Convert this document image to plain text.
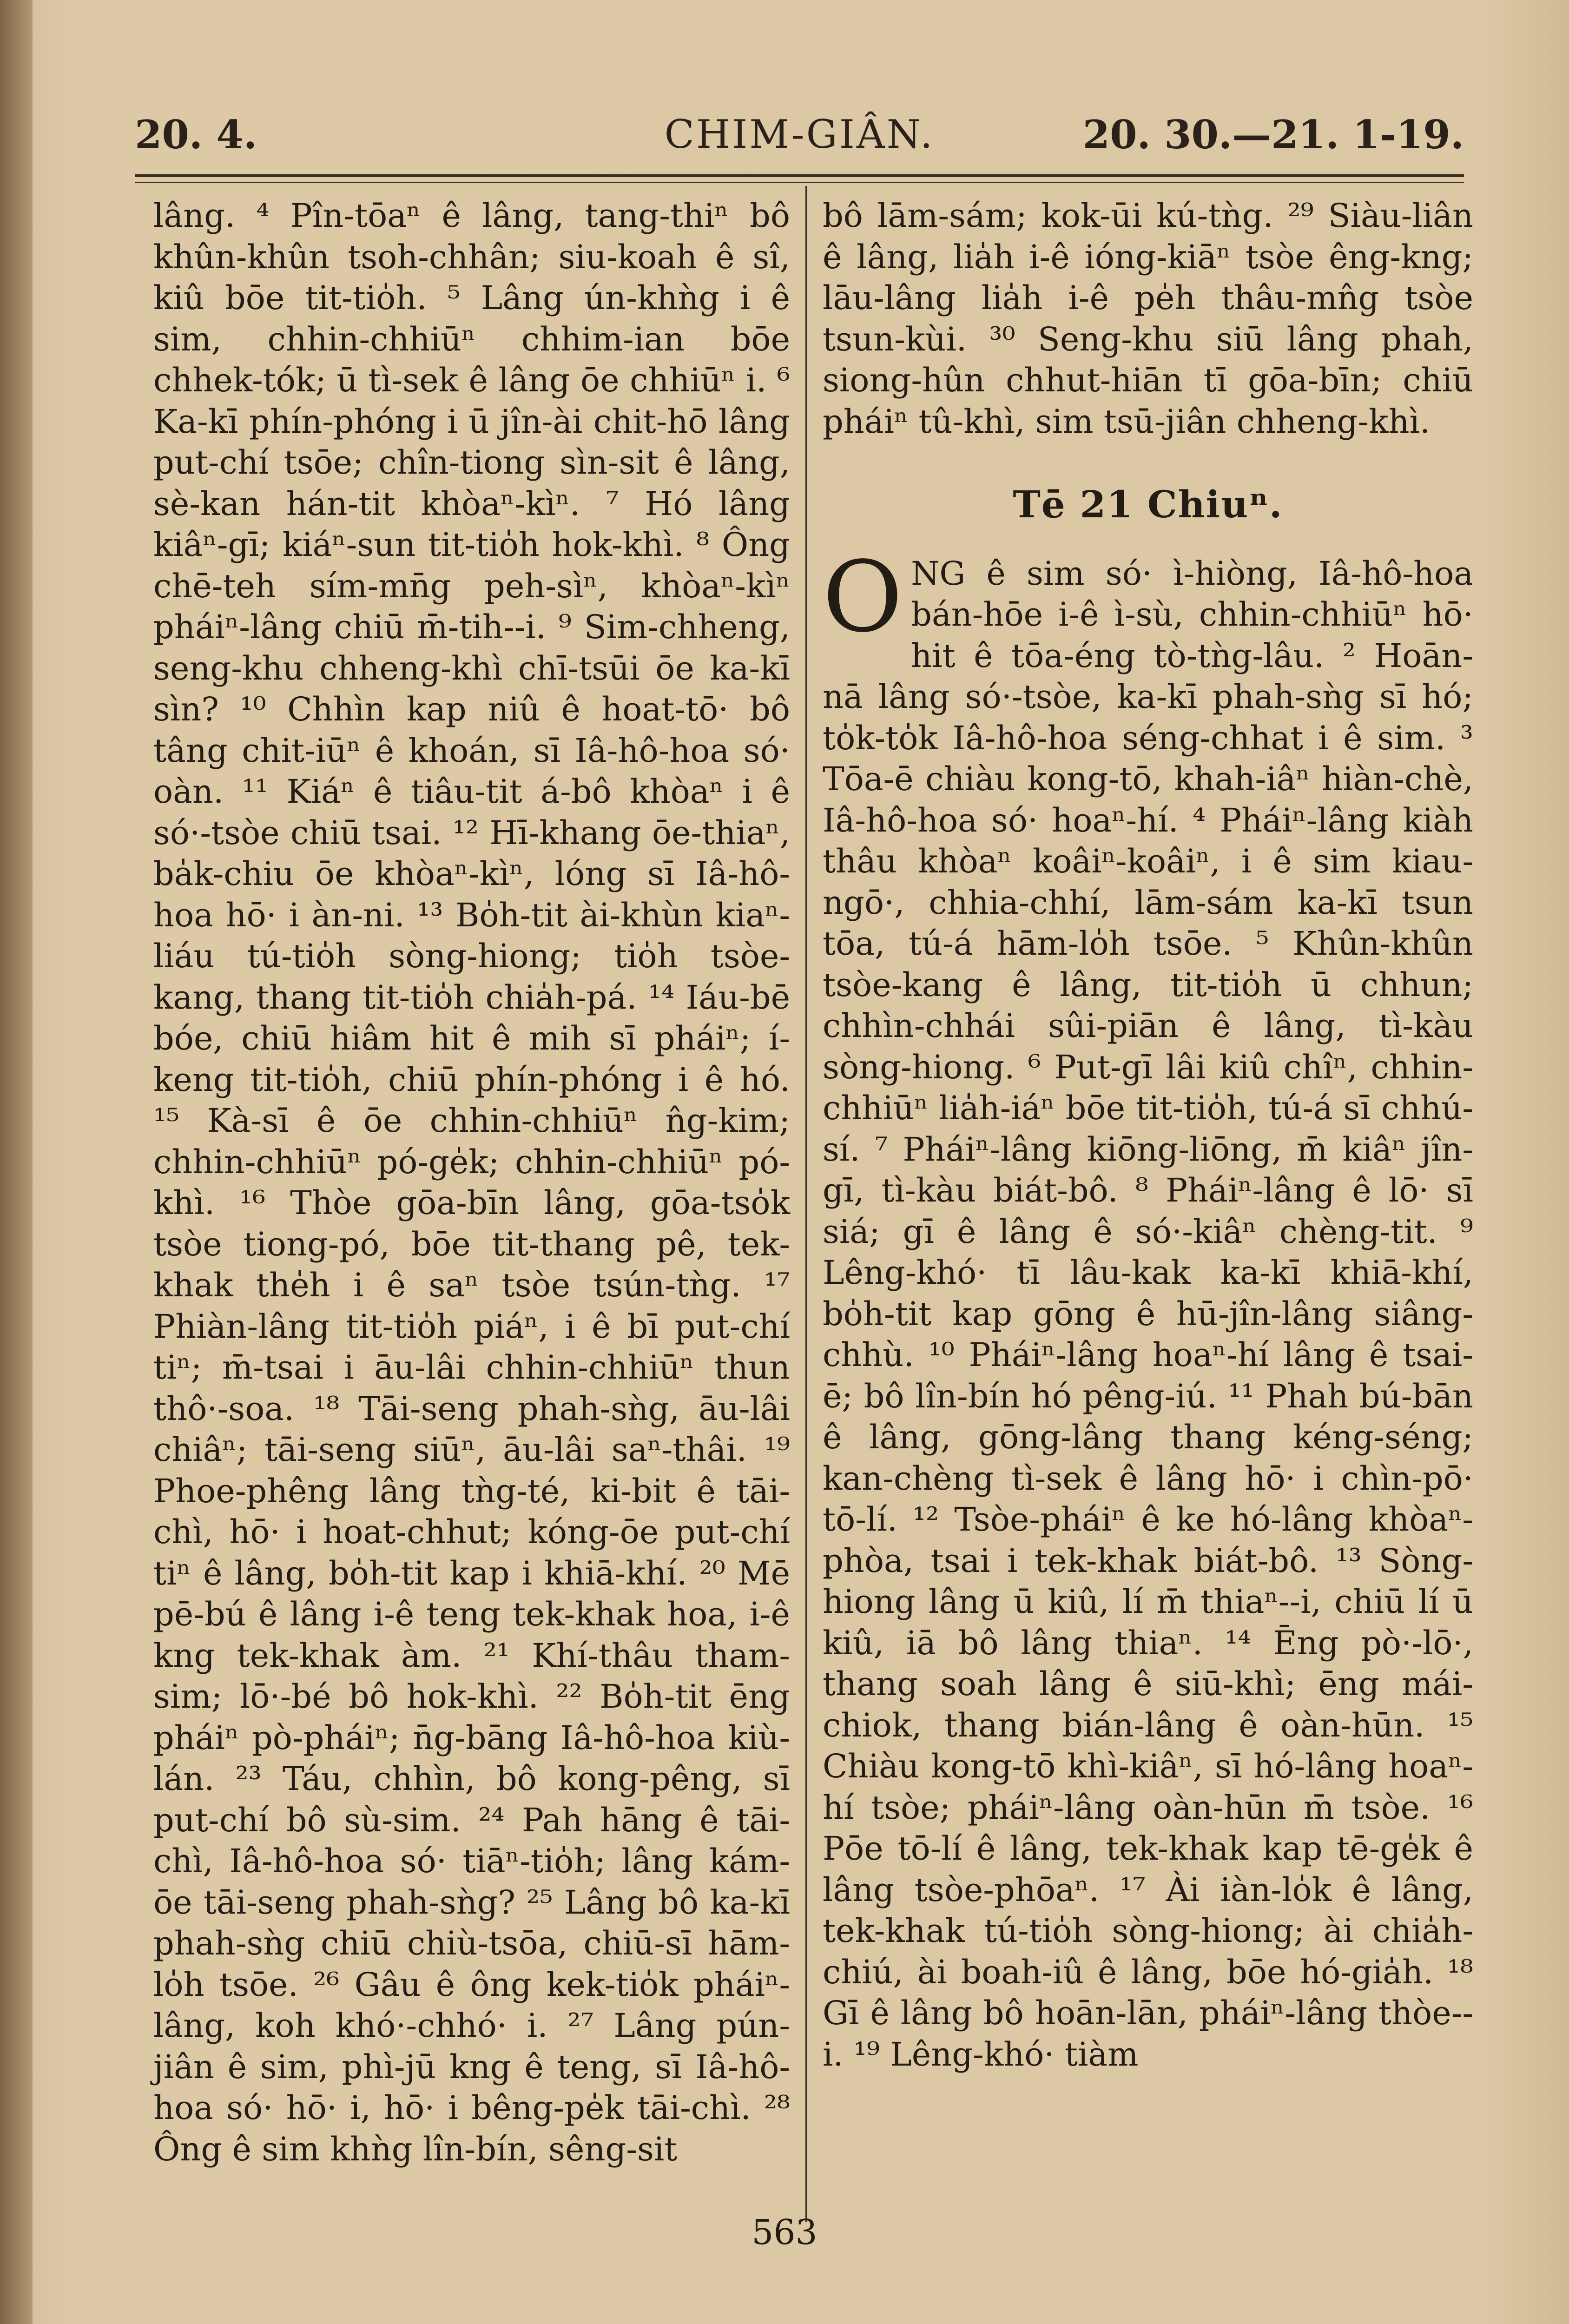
20. 4.	CHIM-GIÂN.	20. 30.—21. 1-19.

lâng. ⁴ Pîn-tōaⁿ ê lâng, tang-thiⁿ bô khûn-khûn tsoh-chhân; siu-koah ê sî, kiû bōe tit-tio̍h. ⁵ Lâng ún-khǹg i ê sim, chhin-chhiūⁿ chhim-ian bōe chhek-tók; ū tì-sek ê lâng ōe chhiūⁿ i. ⁶ Ka-kī phín-phóng i ū jîn-ài chit-hō lâng put-chí tsōe; chîn-tiong sìn-sit ê lâng, sè-kan hán-tit khòaⁿ-kìⁿ. ⁷ Hó lâng kiâⁿ-gī; kiáⁿ-sun tit-tio̍h hok-khì. ⁸ Ông chē-teh sím-mn̄g peh-sìⁿ, khòaⁿ-kìⁿ pháiⁿ-lâng chiū m̄-tih--i. ⁹ Sim-chheng, seng-khu chheng-khì chī-tsūi ōe ka-kī sìn? ¹⁰ Chhìn kap niû ê hoat-tō· bô tâng chit-iūⁿ ê khoán, sī Iâ-hô-hoa só· oàn. ¹¹ Kiáⁿ ê tiâu-tit á-bô khòaⁿ i ê só·-tsòe chiū tsai. ¹² Hī-khang ōe-thiaⁿ, ba̍k-chiu ōe khòaⁿ-kìⁿ, lóng sī Iâ-hô-hoa hō· i àn-ni. ¹³ Bo̍h-tit ài-khùn kiaⁿ-liáu tú-tio̍h sòng-hiong; tio̍h tsòe-kang, thang tit-tio̍h chia̍h-pá. ¹⁴ Iáu-bē bóe, chiū hiâm hit ê mih sī pháiⁿ; í-keng tit-tio̍h, chiū phín-phóng i ê hó. ¹⁵ Kà-sī ê ōe chhin-chhiūⁿ n̂g-kim; chhin-chhiūⁿ pó-ge̍k; chhin-chhiūⁿ pó-khì. ¹⁶ Thòe gōa-bīn lâng, gōa-tso̍k tsòe tiong-pó, bōe tit-thang pê, tek-khak the̍h i ê saⁿ tsòe tsún-tǹg. ¹⁷ Phiàn-lâng tit-tio̍h piáⁿ, i ê bī put-chí tiⁿ; m̄-tsai i āu-lâi chhin-chhiūⁿ thun thô·-soa. ¹⁸ Tāi-seng phah-sǹg, āu-lâi chiâⁿ; tāi-seng siūⁿ, āu-lâi saⁿ-thâi. ¹⁹ Phoe-phêng lâng tǹg-té, ki-bit ê tāi-chì, hō· i hoat-chhut; kóng-ōe put-chí tiⁿ ê lâng, bo̍h-tit kap i khiā-khí. ²⁰ Mē pē-bú ê lâng i-ê teng tek-khak hoa, i-ê kng tek-khak àm. ²¹ Khí-thâu tham-sim; lō·-bé bô hok-khì. ²² Bo̍h-tit ēng pháiⁿ pò-pháiⁿ; n̄g-bāng Iâ-hô-hoa kiù-lán. ²³ Táu, chhìn, bô kong-pêng, sī put-chí bô sù-sim. ²⁴ Pah hāng ê tāi-chì, Iâ-hô-hoa só· tiāⁿ-tio̍h; lâng kám-ōe tāi-seng phah-sǹg? ²⁵ Lâng bô ka-kī phah-sǹg chiū chiù-tsōa, chiū-sī hām-lo̍h tsōe. ²⁶ Gâu ê ông kek-tio̍k pháiⁿ-lâng, koh khó·-chhó· i. ²⁷ Lâng pún-jiân ê sim, phì-jū kng ê teng, sī Iâ-hô-hoa só· hō· i, hō· i bêng-pe̍k tāi-chì. ²⁸ Ông ê sim khǹg lîn-bín, sêng-sit

bô lām-sám; kok-ūi kú-tǹg. ²⁹ Siàu-liân ê lâng, lia̍h i-ê ióng-kiāⁿ tsòe êng-kng; lāu-lâng lia̍h i-ê pe̍h thâu-mn̂g tsòe tsun-kùi. ³⁰ Seng-khu siū lâng phah, siong-hûn chhut-hiān tī gōa-bīn; chiū pháiⁿ tû-khì, sim tsū-jiân chheng-khì.

Tē 21 Chiuⁿ.

ONG ê sim só· ì-hiòng, Iâ-hô-hoa bán-hōe i-ê ì-sù, chhin-chhiūⁿ hō· hit ê tōa-éng tò-tǹg-lâu. ² Hoān-nā lâng só·-tsòe, ka-kī phah-sǹg sī hó; to̍k-to̍k Iâ-hô-hoa séng-chhat i ê sim. ³ Tōa-ē chiàu kong-tō, khah-iâⁿ hiàn-chè, Iâ-hô-hoa só· hoaⁿ-hí. ⁴ Pháiⁿ-lâng kiàh thâu khòaⁿ koâiⁿ-koâiⁿ, i ê sim kiau-ngō·, chhia-chhí, lām-sám ka-kī tsun tōa, tú-á hām-lo̍h tsōe. ⁵ Khûn-khûn tsòe-kang ê lâng, tit-tio̍h ū chhun; chhìn-chhái sûi-piān ê lâng, tì-kàu sòng-hiong. ⁶ Put-gī lâi kiû chîⁿ, chhin-chhiūⁿ lia̍h-iáⁿ bōe tit-tio̍h, tú-á sī chhú-sí. ⁷ Pháiⁿ-lâng kiōng-liōng, m̄ kiâⁿ jîn-gī, tì-kàu biát-bô. ⁸ Pháiⁿ-lâng ê lō· sī siá; gī ê lâng ê só·-kiâⁿ chèng-tit. ⁹ Lêng-khó· tī lâu-kak ka-kī khiā-khí, bo̍h-tit kap gōng ê hū-jîn-lâng siâng-chhù. ¹⁰ Pháiⁿ-lâng hoaⁿ-hí lâng ê tsai-ē; bô lîn-bín hó pêng-iú. ¹¹ Phah bú-bān ê lâng, gōng-lâng thang kéng-séng; kan-chèng tì-sek ê lâng hō· i chìn-pō· tō-lí. ¹² Tsòe-pháiⁿ ê ke hó-lâng khòaⁿ-phòa, tsai i tek-khak biát-bô. ¹³ Sòng-hiong lâng ū kiû, lí m̄ thiaⁿ--i, chiū lí ū kiû, iā bô lâng thiaⁿ. ¹⁴ Ēng pò·-lō·, thang soah lâng ê siū-khì; ēng mái-chiok, thang bián-lâng ê oàn-hūn. ¹⁵ Chiàu kong-tō khì-kiâⁿ, sī hó-lâng hoaⁿ-hí tsòe; pháiⁿ-lâng oàn-hūn m̄ tsòe. ¹⁶ Pōe tō-lí ê lâng, tek-khak kap tē-ge̍k ê lâng tsòe-phōaⁿ. ¹⁷ Ài iàn-lo̍k ê lâng, tek-khak tú-tio̍h sòng-hiong; ài chia̍h-chiú, ài boah-iû ê lâng, bōe hó-gia̍h. ¹⁸ Gī ê lâng bô hoān-lān, pháiⁿ-lâng thòe--i. ¹⁹ Lêng-khó· tiàm

563
